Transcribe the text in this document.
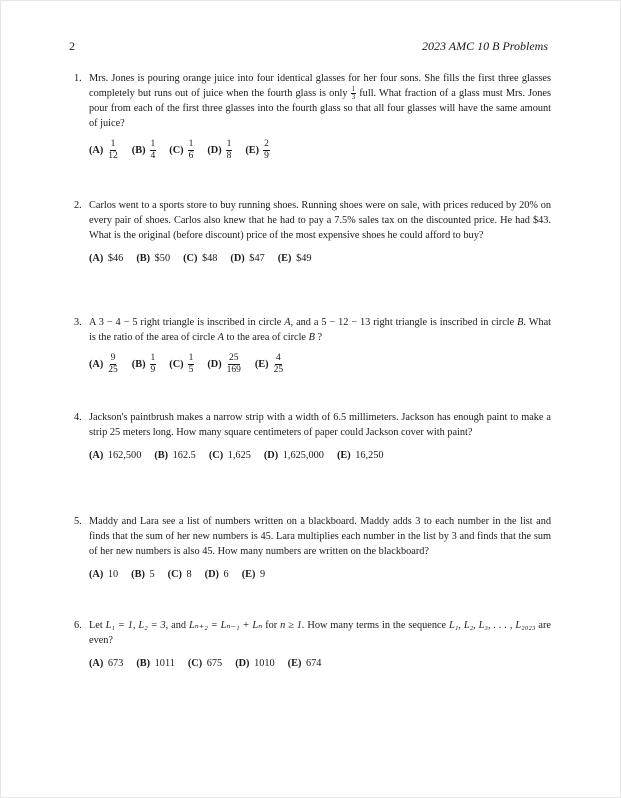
2	2023 AMC 10 B Problems
1. Mrs. Jones is pouring orange juice into four identical glasses for her four sons. She fills the first three glasses completely but runs out of juice when the fourth glass is only $\frac{1}{3}$ full. What fraction of a glass must Mrs. Jones pour from each of the first three glasses into the fourth glass so that all four glasses will have the same amount of juice?

$(A) \frac{1}{12} (B) \frac{1}{4} (C) \frac{1}{6} (D) \frac{1}{8} (E) \frac{2}{9}$
2. Carlos went to a sports store to buy running shoes. Running shoes were on sale, with prices reduced by 20% on every pair of shoes. Carlos also knew that he had to pay a 7.5% sales tax on the discounted price. He had $43. What is the original (before discount) price of the most expensive shoes he could afford to buy?

(A)
$46 (B)
$50 (C)
$48 (D)
$47 (E)
$49
3. A 3 − 4 − 5 right triangle is inscribed in circle A, and a 5 − 12 − 13 right triangle is inscribed in circle B. What is the ratio of the area of circle A to the area of circle B ?

$(A) \frac{9}{25} (B) \frac{1}{9} (C) \frac{1}{5} (D) \frac{25}{169} (E) \frac{4}{25}$
4. Jackson's paintbrush makes a narrow strip with a width of 6.5 millimeters. Jackson has enough paint to make a strip 25 meters long. How many square centimeters of paper could Jackson cover with paint?

(A)
162,500 (B)
162.5 (C)
1,625 (D)
1,625,000 (E)
16,250
5. Maddy and Lara see a list of numbers written on a blackboard. Maddy adds 3 to each number in the list and finds that the sum of her new numbers is 45. Lara multiplies each number in the list by 3 and finds that the sum of her new numbers is also 45. How many numbers are written on the blackboard?

(A)
10 (B)
5 (C)
8 (D)
6 (E)
9
6. Let L₁ = 1, L₂ = 3, and Lₙ₊₂ = Lₙ₋₁ + Lₙ for n ≥ 1. How many terms in the sequence L₁, L₂, L₃, . . . , L₂₀₂₃ are even?

(A)
673 (B)
1011 (C)
675 (D)
1010 (E)
674
